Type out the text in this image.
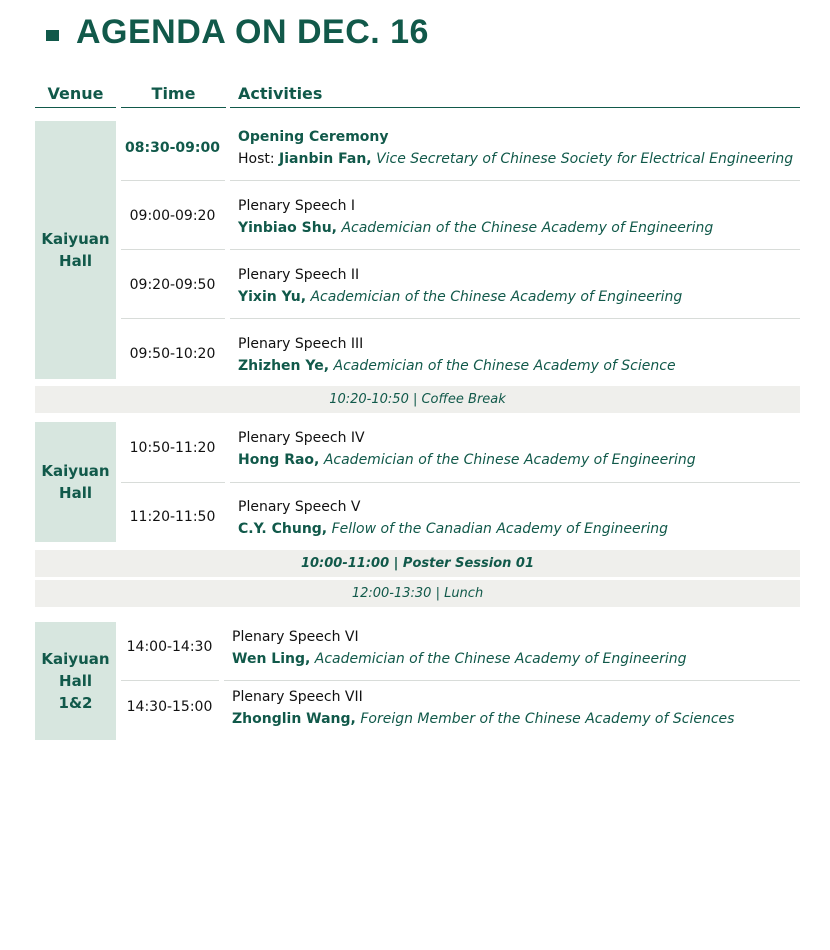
AGENDA ON DEC. 16
Venue	Time	Activities
Kaiyuan
Hall
Kaiyuan
Hall
Kaiyuan
Hall
1&2
08:30-09:00
Opening Ceremony
Host: Jianbin Fan, Vice Secretary of Chinese Society for Electrical Engineering
09:00-09:20
Plenary Speech I
Yinbiao Shu, Academician of the Chinese Academy of Engineering
09:20-09:50
Plenary Speech II
Yixin Yu, Academician of the Chinese Academy of Engineering
09:50-10:20
Plenary Speech III
Zhizhen Ye, Academician of the Chinese Academy of Science
10:20-10:50 | Coffee Break
10:50-11:20
Plenary Speech IV
Hong Rao, Academician of the Chinese Academy of Engineering
11:20-11:50
Plenary Speech V
C.Y. Chung, Fellow of the Canadian Academy of Engineering
10:00-11:00 | Poster Session 01
12:00-13:30 | Lunch
14:00-14:30
Plenary Speech VI
Wen Ling, Academician of the Chinese Academy of Engineering
14:30-15:00
Plenary Speech VII
Zhonglin Wang, Foreign Member of the Chinese Academy of Sciences
